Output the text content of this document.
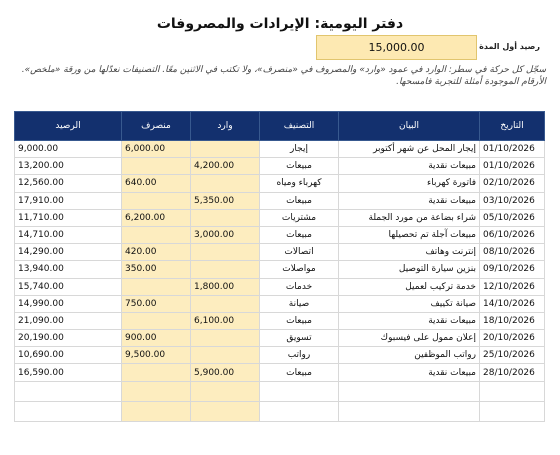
دفتر اليومية: الإيرادات والمصروفات
رصيد أول المدة
15,000.00
سجّل كل حركة في سطر: الوارد في عمود «وارد» والمصروف في «منصرف»، ولا تكتب في الاثنين معًا. التصنيفات نعدّلها من ورقة «ملخص». الأرقام الموجودة أمثلة للتجربة فامسحها.
التاريخ	البيان	التصنيف	وارد	منصرف	الرصيد
01/10/2026	إيجار المحل عن شهر أكتوبر	إيجار		6,000.00	9,000.00
01/10/2026	مبيعات نقدية	مبيعات	4,200.00		13,200.00
02/10/2026	فاتورة كهرباء	كهرباء ومياه		640.00	12,560.00
03/10/2026	مبيعات نقدية	مبيعات	5,350.00		17,910.00
05/10/2026	شراء بضاعة من مورد الجملة	مشتريات		6,200.00	11,710.00
06/10/2026	مبيعات آجلة تم تحصيلها	مبيعات	3,000.00		14,710.00
08/10/2026	إنترنت وهاتف	اتصالات		420.00	14,290.00
09/10/2026	بنزين سيارة التوصيل	مواصلات		350.00	13,940.00
12/10/2026	خدمة تركيب لعميل	خدمات	1,800.00		15,740.00
14/10/2026	صيانة تكييف	صيانة		750.00	14,990.00
18/10/2026	مبيعات نقدية	مبيعات	6,100.00		21,090.00
20/10/2026	إعلان ممول على فيسبوك	تسويق		900.00	20,190.00
25/10/2026	رواتب الموظفين	رواتب		9,500.00	10,690.00
28/10/2026	مبيعات نقدية	مبيعات	5,900.00		16,590.00
